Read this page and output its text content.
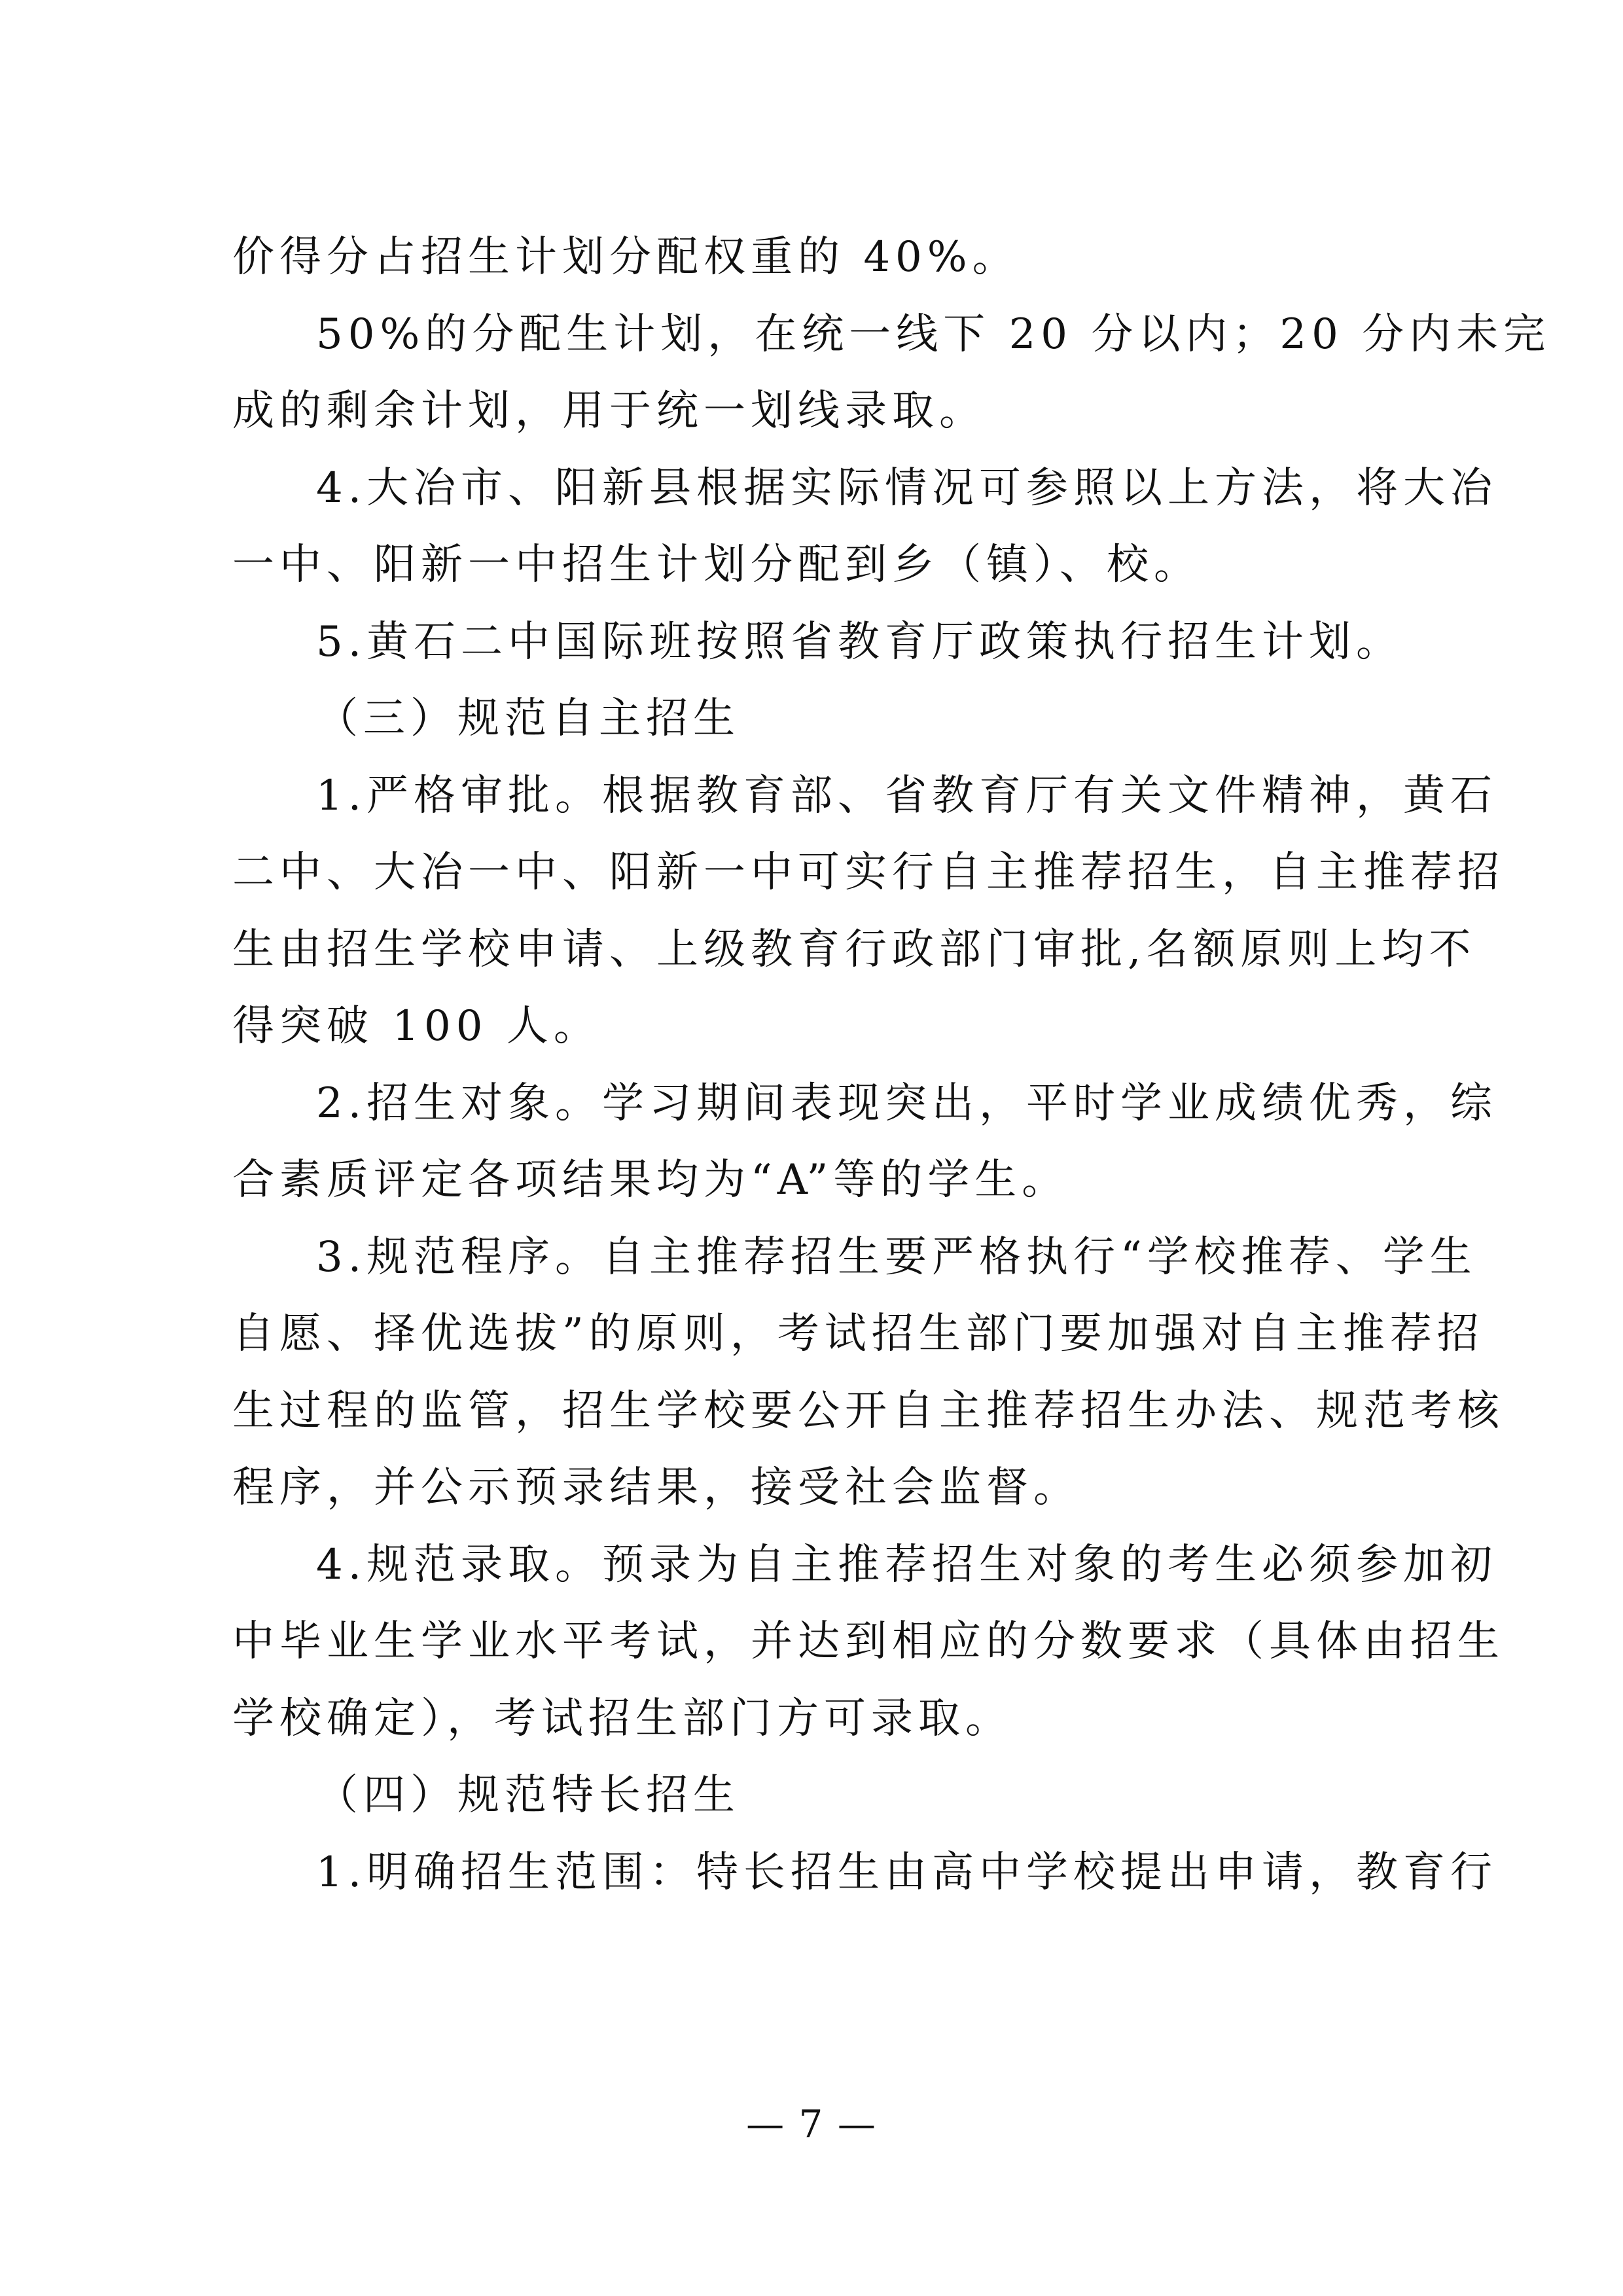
价得分占招生计划分配权重的 40%。
50%的分配生计划，在统一线下 20 分以内；20 分内未完
成的剩余计划，用于统一划线录取。
4.大冶市、阳新县根据实际情况可参照以上方法，将大冶
一中、阳新一中招生计划分配到乡（镇）、校。
5.黄石二中国际班按照省教育厅政策执行招生计划。
（三）规范自主招生
1.严格审批。根据教育部、省教育厅有关文件精神，黄石
二中、大冶一中、阳新一中可实行自主推荐招生，自主推荐招
生由招生学校申请、上级教育行政部门审批,名额原则上均不
得突破 100 人。
2.招生对象。学习期间表现突出，平时学业成绩优秀，综
合素质评定各项结果均为“A”等的学生。
3.规范程序。自主推荐招生要严格执行“学校推荐、学生
自愿、择优选拔”的原则，考试招生部门要加强对自主推荐招
生过程的监管，招生学校要公开自主推荐招生办法、规范考核
程序，并公示预录结果，接受社会监督。
4.规范录取。预录为自主推荐招生对象的考生必须参加初
中毕业生学业水平考试，并达到相应的分数要求（具体由招生
学校确定），考试招生部门方可录取。
（四）规范特长招生
1.明确招生范围：特长招生由高中学校提出申请，教育行
— 7 —
